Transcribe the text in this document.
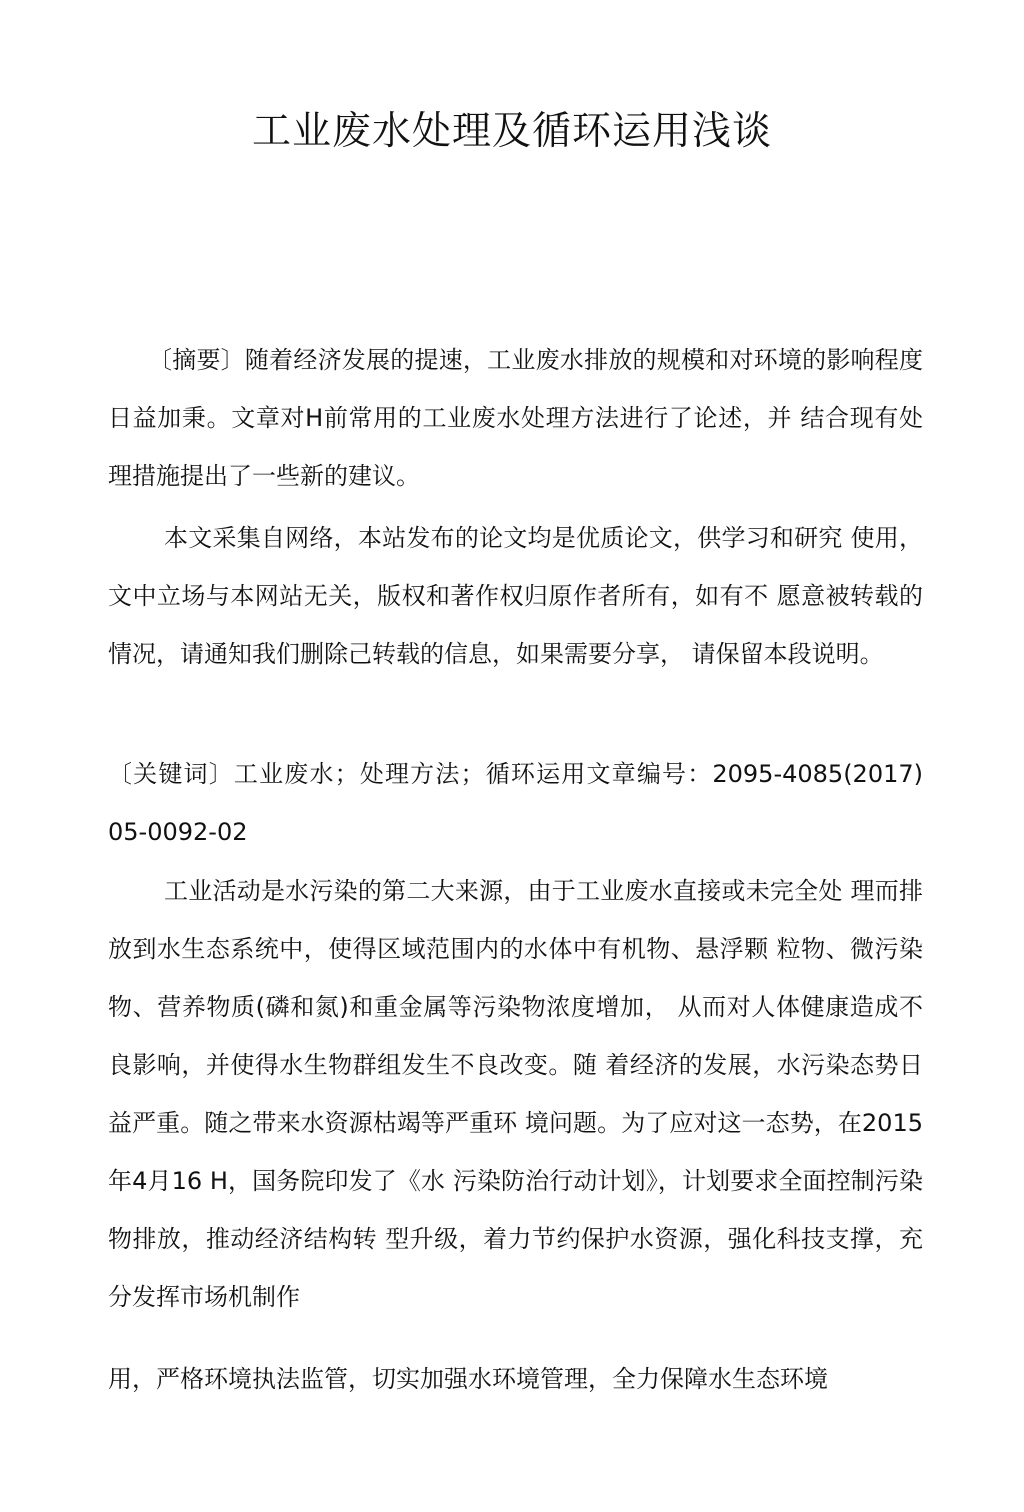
工业废水处理及循环运用浅谈

〔摘要〕随着经济发展的提速，工业废水排放的规模和对环境的影响程度日益加秉。文章对H前常用的工业废水处理方法进行了论述，并 结合现有处理措施提出了一些新的建议。

本文采集自网络，本站发布的论文均是优质论文，供学习和研究 使用，文中立场与本网站无关，版权和著作权归原作者所有，如有不 愿意被转载的情况，请通知我们删除己转载的信息，如果需要分享， 请保留本段说明。

〔关键词〕工业废水；处理方法；循环运用文章编号：2095-4085(2017) 05-0092-02

工业活动是水污染的第二大来源，由于工业废水直接或未完全处 理而排放到水生态系统中，使得区域范围内的水体中有机物、悬浮颗 粒物、微污染物、营养物质(磷和氮)和重金属等污染物浓度增加， 从而对人体健康造成不良影响，并使得水生物群组发生不良改变。随 着经济的发展，水污染态势日益严重。随之带来水资源枯竭等严重环 境问题。为了应对这一态势，在2015年4月16 H，国务院印发了《水 污染防治行动计划》，计划要求全面控制污染物排放，推动经济结构转 型升级，着力节约保护水资源，强化科技支撑，充分发挥市场机制作

用，严格环境执法监管，切实加强水环境管理，全力保障水生态环境
